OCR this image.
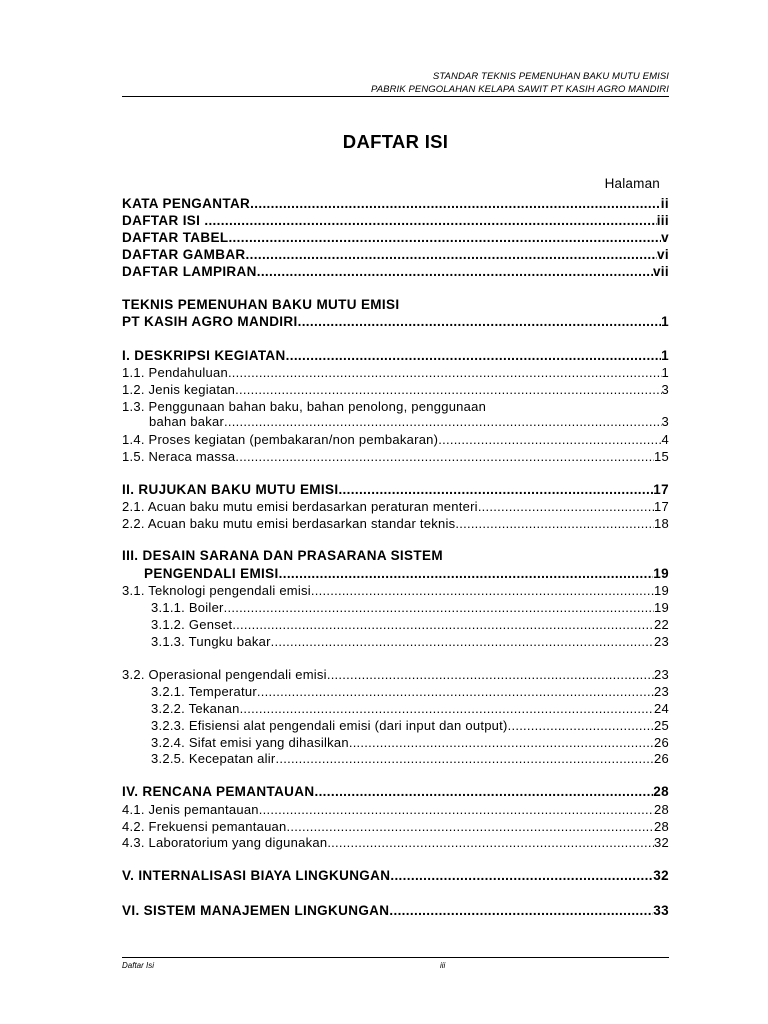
STANDAR TEKNIS PEMENUHAN BAKU MUTU EMISI
PABRIK PENGOLAHAN KELAPA SAWIT PT KASIH AGRO MANDIRI
DAFTAR ISI
Halaman
KATA PENGANTAR .....	ii
DAFTAR ISI .....	iii
DAFTAR TABEL .....	v
DAFTAR GAMBAR .....	vi
DAFTAR LAMPIRAN .....	vii
TEKNIS PEMENUHAN BAKU MUTU EMISI
PT KASIH AGRO MANDIRI .....	1
I. DESKRIPSI KEGIATAN .....	1
1.1. Pendahuluan .....	1
1.2. Jenis kegiatan .....	3
1.3. Penggunaan bahan baku, bahan penolong, penggunaan
bahan bakar .....	3
1.4. Proses kegiatan (pembakaran/non pembakaran) .....	4
1.5. Neraca massa .....	15
II. RUJUKAN BAKU MUTU EMISI .....	17
2.1. Acuan baku mutu emisi berdasarkan peraturan menteri .....	17
2.2. Acuan baku mutu emisi berdasarkan standar teknis .....	18
III. DESAIN SARANA DAN PRASARANA SISTEM
PENGENDALI EMISI .....	19
3.1. Teknologi pengendali emisi .....	19
3.1.1. Boiler .....	19
3.1.2. Genset .....	22
3.1.3. Tungku bakar .....	23
3.2. Operasional pengendali emisi .....	23
3.2.1. Temperatur .....	23
3.2.2. Tekanan .....	24
3.2.3. Efisiensi alat pengendali emisi (dari input dan output) .....	25
3.2.4. Sifat emisi yang dihasilkan .....	26
3.2.5. Kecepatan alir .....	26
IV. RENCANA PEMANTAUAN .....	28
4.1. Jenis pemantauan .....	28
4.2. Frekuensi pemantauan .....	28
4.3. Laboratorium yang digunakan .....	32
V. INTERNALISASI BIAYA LINGKUNGAN .....	32
VI. SISTEM MANAJEMEN LINGKUNGAN .....	33
Daftar Isi	iii
